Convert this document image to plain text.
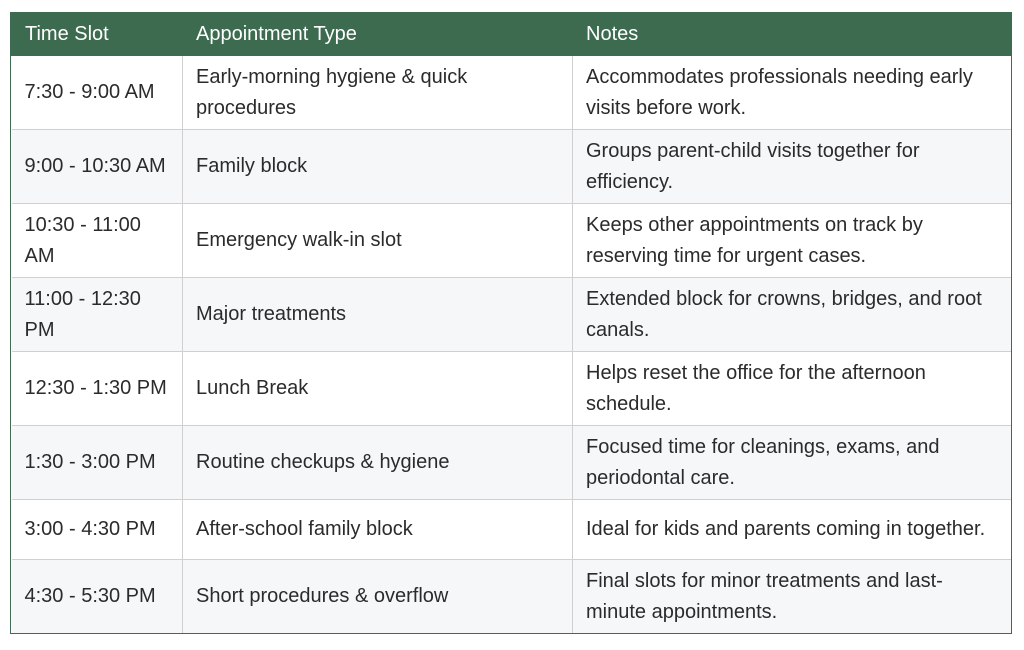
Time Slot	Appointment Type	Notes
7:30 - 9:00 AM	Early-morning hygiene & quick procedures	Accommodates professionals needing early visits before work.
9:00 - 10:30 AM	Family block	Groups parent-child visits together for efficiency.
10:30 - 11:00 AM	Emergency walk-in slot	Keeps other appointments on track by reserving time for urgent cases.
11:00 - 12:30 PM	Major treatments	Extended block for crowns, bridges, and root canals.
12:30 - 1:30 PM	Lunch Break	Helps reset the office for the afternoon schedule.
1:30 - 3:00 PM	Routine checkups & hygiene	Focused time for cleanings, exams, and periodontal care.
3:00 - 4:30 PM	After-school family block	Ideal for kids and parents coming in together.
4:30 - 5:30 PM	Short procedures & overflow	Final slots for minor treatments and last-minute appointments.
